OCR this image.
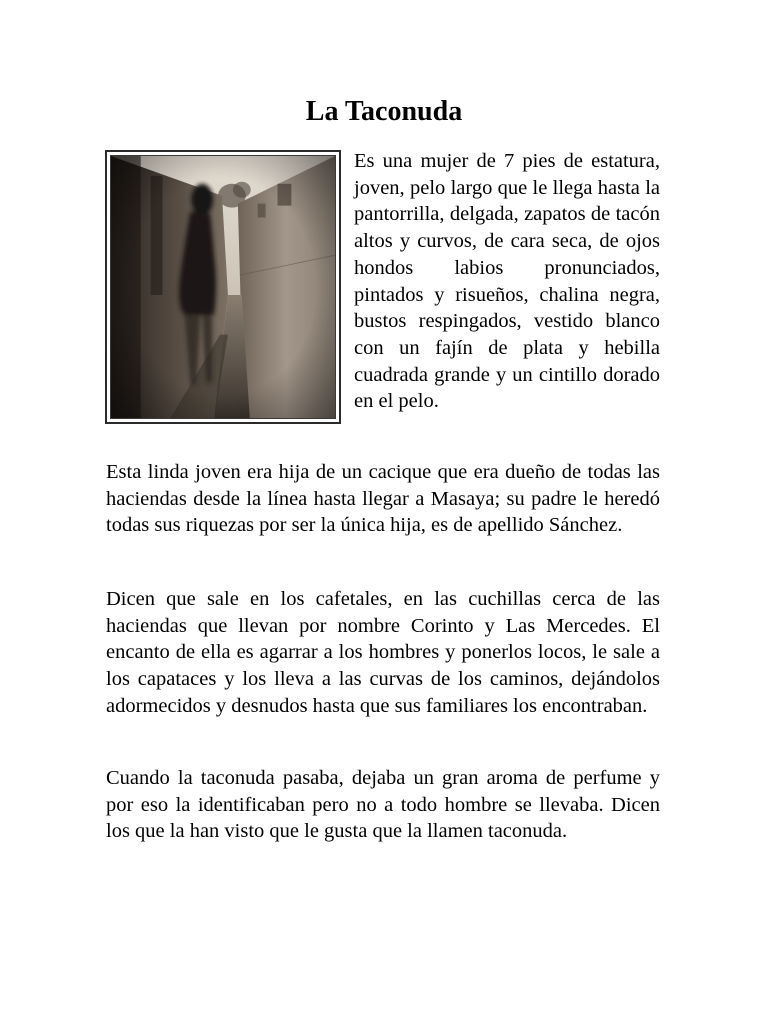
La Taconuda

Es una mujer de 7 pies de estatura, joven, pelo largo que le llega hasta la pantorrilla, delgada, zapatos de tacón altos y curvos, de cara seca, de ojos hondos labios pronunciados, pintados y risueños, chalina negra, bustos respingados, vestido blanco con un fajín de plata y hebilla cuadrada grande y un cintillo dorado en el pelo.

Esta linda joven era hija de un cacique que era dueño de todas las haciendas desde la línea hasta llegar a Masaya; su padre le heredó todas sus riquezas por ser la única hija, es de apellido Sánchez.

Dicen que sale en los cafetales, en las cuchillas cerca de las haciendas que llevan por nombre Corinto y Las Mercedes. El encanto de ella es agarrar a los hombres y ponerlos locos, le sale a los capataces y los lleva a las curvas de los caminos, dejándolos adormecidos y desnudos hasta que sus familiares los encontraban.

Cuando la taconuda pasaba, dejaba un gran aroma de perfume y por eso la identificaban pero no a todo hombre se llevaba. Dicen los que la han visto que le gusta que la llamen taconuda.
